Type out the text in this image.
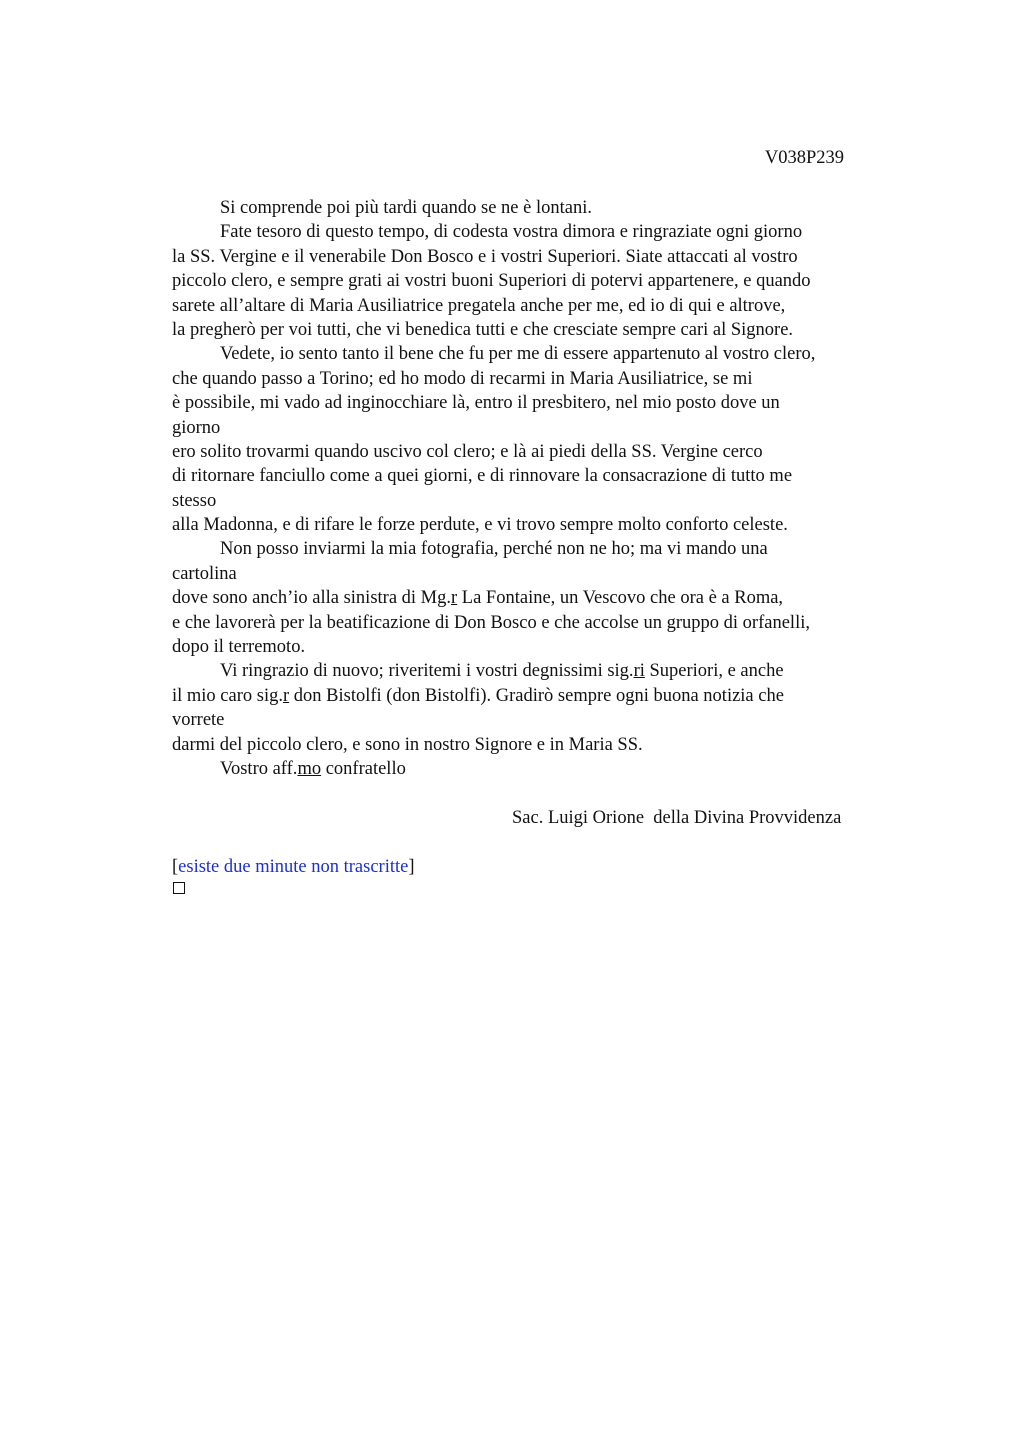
V038P239
Si comprende poi più tardi quando se ne è lontani.
Fate tesoro di questo tempo, di codesta vostra dimora e ringraziate ogni giorno
la SS. Vergine e il venerabile Don Bosco e i vostri Superiori. Siate attaccati al vostro
piccolo clero, e sempre grati ai vostri buoni Superiori di potervi appartenere, e quando
sarete all’altare di Maria Ausiliatrice pregatela anche per me, ed io di qui e altrove,
la pregherò per voi tutti, che vi benedica tutti e che cresciate sempre cari al Signore.
Vedete, io sento tanto il bene che fu per me di essere appartenuto al vostro clero,
che quando passo a Torino; ed ho modo di recarmi in Maria Ausiliatrice, se mi
è possibile, mi vado ad inginocchiare là, entro il presbitero, nel mio posto dove un
giorno
ero solito trovarmi quando uscivo col clero; e là ai piedi della SS. Vergine cerco
di ritornare fanciullo come a quei giorni, e di rinnovare la consacrazione di tutto me
stesso
alla Madonna, e di rifare le forze perdute, e vi trovo sempre molto conforto celeste.
Non posso inviarmi la mia fotografia, perché non ne ho; ma vi mando una
cartolina
dove sono anch’io alla sinistra di Mg.r La Fontaine, un Vescovo che ora è a Roma,
e che lavorerà per la beatificazione di Don Bosco e che accolse un gruppo di orfanelli,
dopo il terremoto.
Vi ringrazio di nuovo; riveritemi i vostri degnissimi sig.ri Superiori, e anche
il mio caro sig.r don Bistolfi (don Bistolfi). Gradirò sempre ogni buona notizia che
vorrete
darmi del piccolo clero, e sono in nostro Signore e in Maria SS.
Vostro aff.mo confratello
Sac. Luigi Orione  della Divina Provvidenza
[esiste due minute non trascritte]
